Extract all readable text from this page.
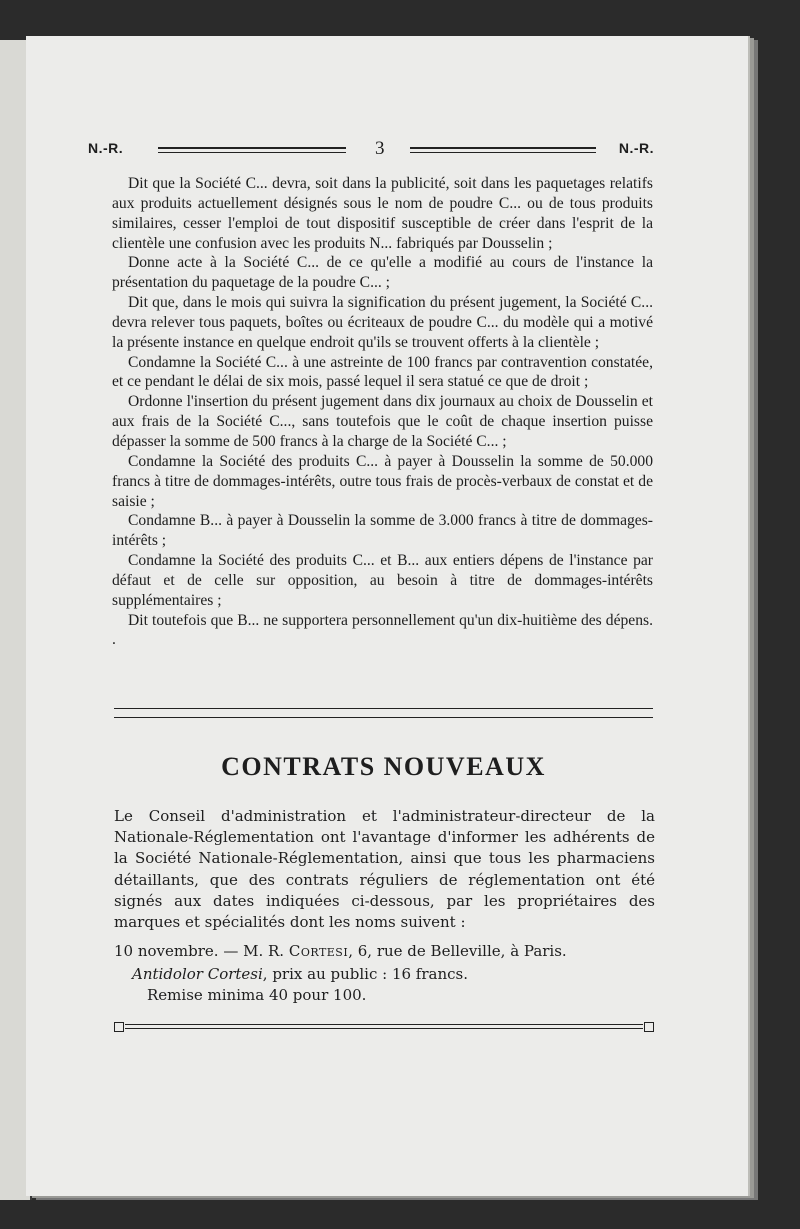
N.-R.	3	N.-R.

Dit que la Société C... devra, soit dans la publicité, soit dans les paquetages relatifs aux produits actuellement désignés sous le nom de poudre C... ou de tous produits similaires, cesser l'emploi de tout dispositif susceptible de créer dans l'esprit de la clientèle une confusion avec les produits N... fabriqués par Dousselin ;

Donne acte à la Société C... de ce qu'elle a modifié au cours de l'instance la présentation du paquetage de la poudre C... ;

Dit que, dans le mois qui suivra la signification du présent jugement, la Société C... devra relever tous paquets, boîtes ou écriteaux de poudre C... du modèle qui a motivé la présente instance en quelque endroit qu'ils se trouvent offerts à la clientèle ;

Condamne la Société C... à une astreinte de 100 francs par contravention constatée, et ce pendant le délai de six mois, passé lequel il sera statué ce que de droit ;

Ordonne l'insertion du présent jugement dans dix journaux au choix de Dousselin et aux frais de la Société C..., sans toutefois que le coût de chaque insertion puisse dépasser la somme de 500 francs à la charge de la Société C... ;

Condamne la Société des produits C... à payer à Dousselin la somme de 50.000 francs à titre de dommages-intérêts, outre tous frais de procès-verbaux de constat et de saisie ;

Condamne B... à payer à Dousselin la somme de 3.000 francs à titre de dommages-intérêts ;

Condamne la Société des produits C... et B... aux entiers dépens de l'instance par défaut et de celle sur opposition, au besoin à titre de dommages-intérêts supplémentaires ;

Dit toutefois que B... ne supportera personnellement qu'un dix-huitième des dépens. .

CONTRATS NOUVEAUX

Le Conseil d'administration et l'administrateur-directeur de la Nationale-Réglementation ont l'avantage d'informer les adhérents de la Société Nationale-Réglementation, ainsi que tous les pharmaciens détaillants, que des contrats réguliers de réglementation ont été signés aux dates indiquées ci-dessous, par les propriétaires des marques et spécialités dont les noms suivent :

10 novembre. — M. R. Cortesi, 6, rue de Belleville, à Paris.
Antidolor Cortesi, prix au public : 16 francs.
Remise minima 40 pour 100.
